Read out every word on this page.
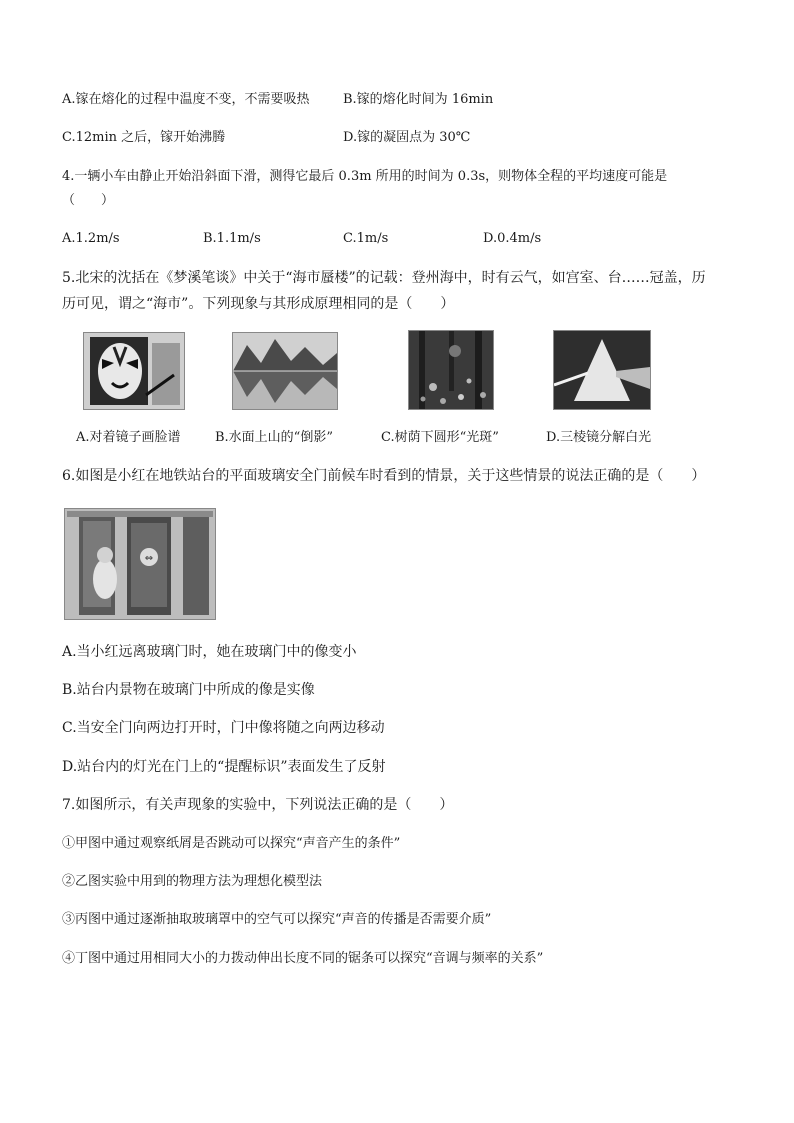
A.镓在熔化的过程中温度不变，不需要吸热	B.镓的熔化时间为 16min
C.12min 之后，镓开始沸腾	D.镓的凝固点为 30℃
4.一辆小车由静止开始沿斜面下滑，测得它最后 0.3m 所用的时间为 0.3s，则物体全程的平均速度可能是
（　　）
A.1.2m/s	B.1.1m/s	C.1m/s	D.0.4m/s
5.北宋的沈括在《梦溪笔谈》中关于“海市蜃楼”的记载：登州海中，时有云气，如宫室、台……冠盖，历
历可见，谓之“海市”。下列现象与其形成原理相同的是（　　）
A.对着镜子画脸谱	B.水面上山的“倒影”	C.树荫下圆形“光斑”	D.三棱镜分解白光
6.如图是小红在地铁站台的平面玻璃安全门前候车时看到的情景，关于这些情景的说法正确的是（　　）
⇔
A.当小红远离玻璃门时，她在玻璃门中的像变小
B.站台内景物在玻璃门中所成的像是实像
C.当安全门向两边打开时，门中像将随之向两边移动
D.站台内的灯光在门上的“提醒标识”表面发生了反射
7.如图所示，有关声现象的实验中，下列说法正确的是（　　）
①甲图中通过观察纸屑是否跳动可以探究“声音产生的条件”
②乙图实验中用到的物理方法为理想化模型法
③丙图中通过逐渐抽取玻璃罩中的空气可以探究“声音的传播是否需要介质”
④丁图中通过用相同大小的力拨动伸出长度不同的锯条可以探究“音调与频率的关系”
